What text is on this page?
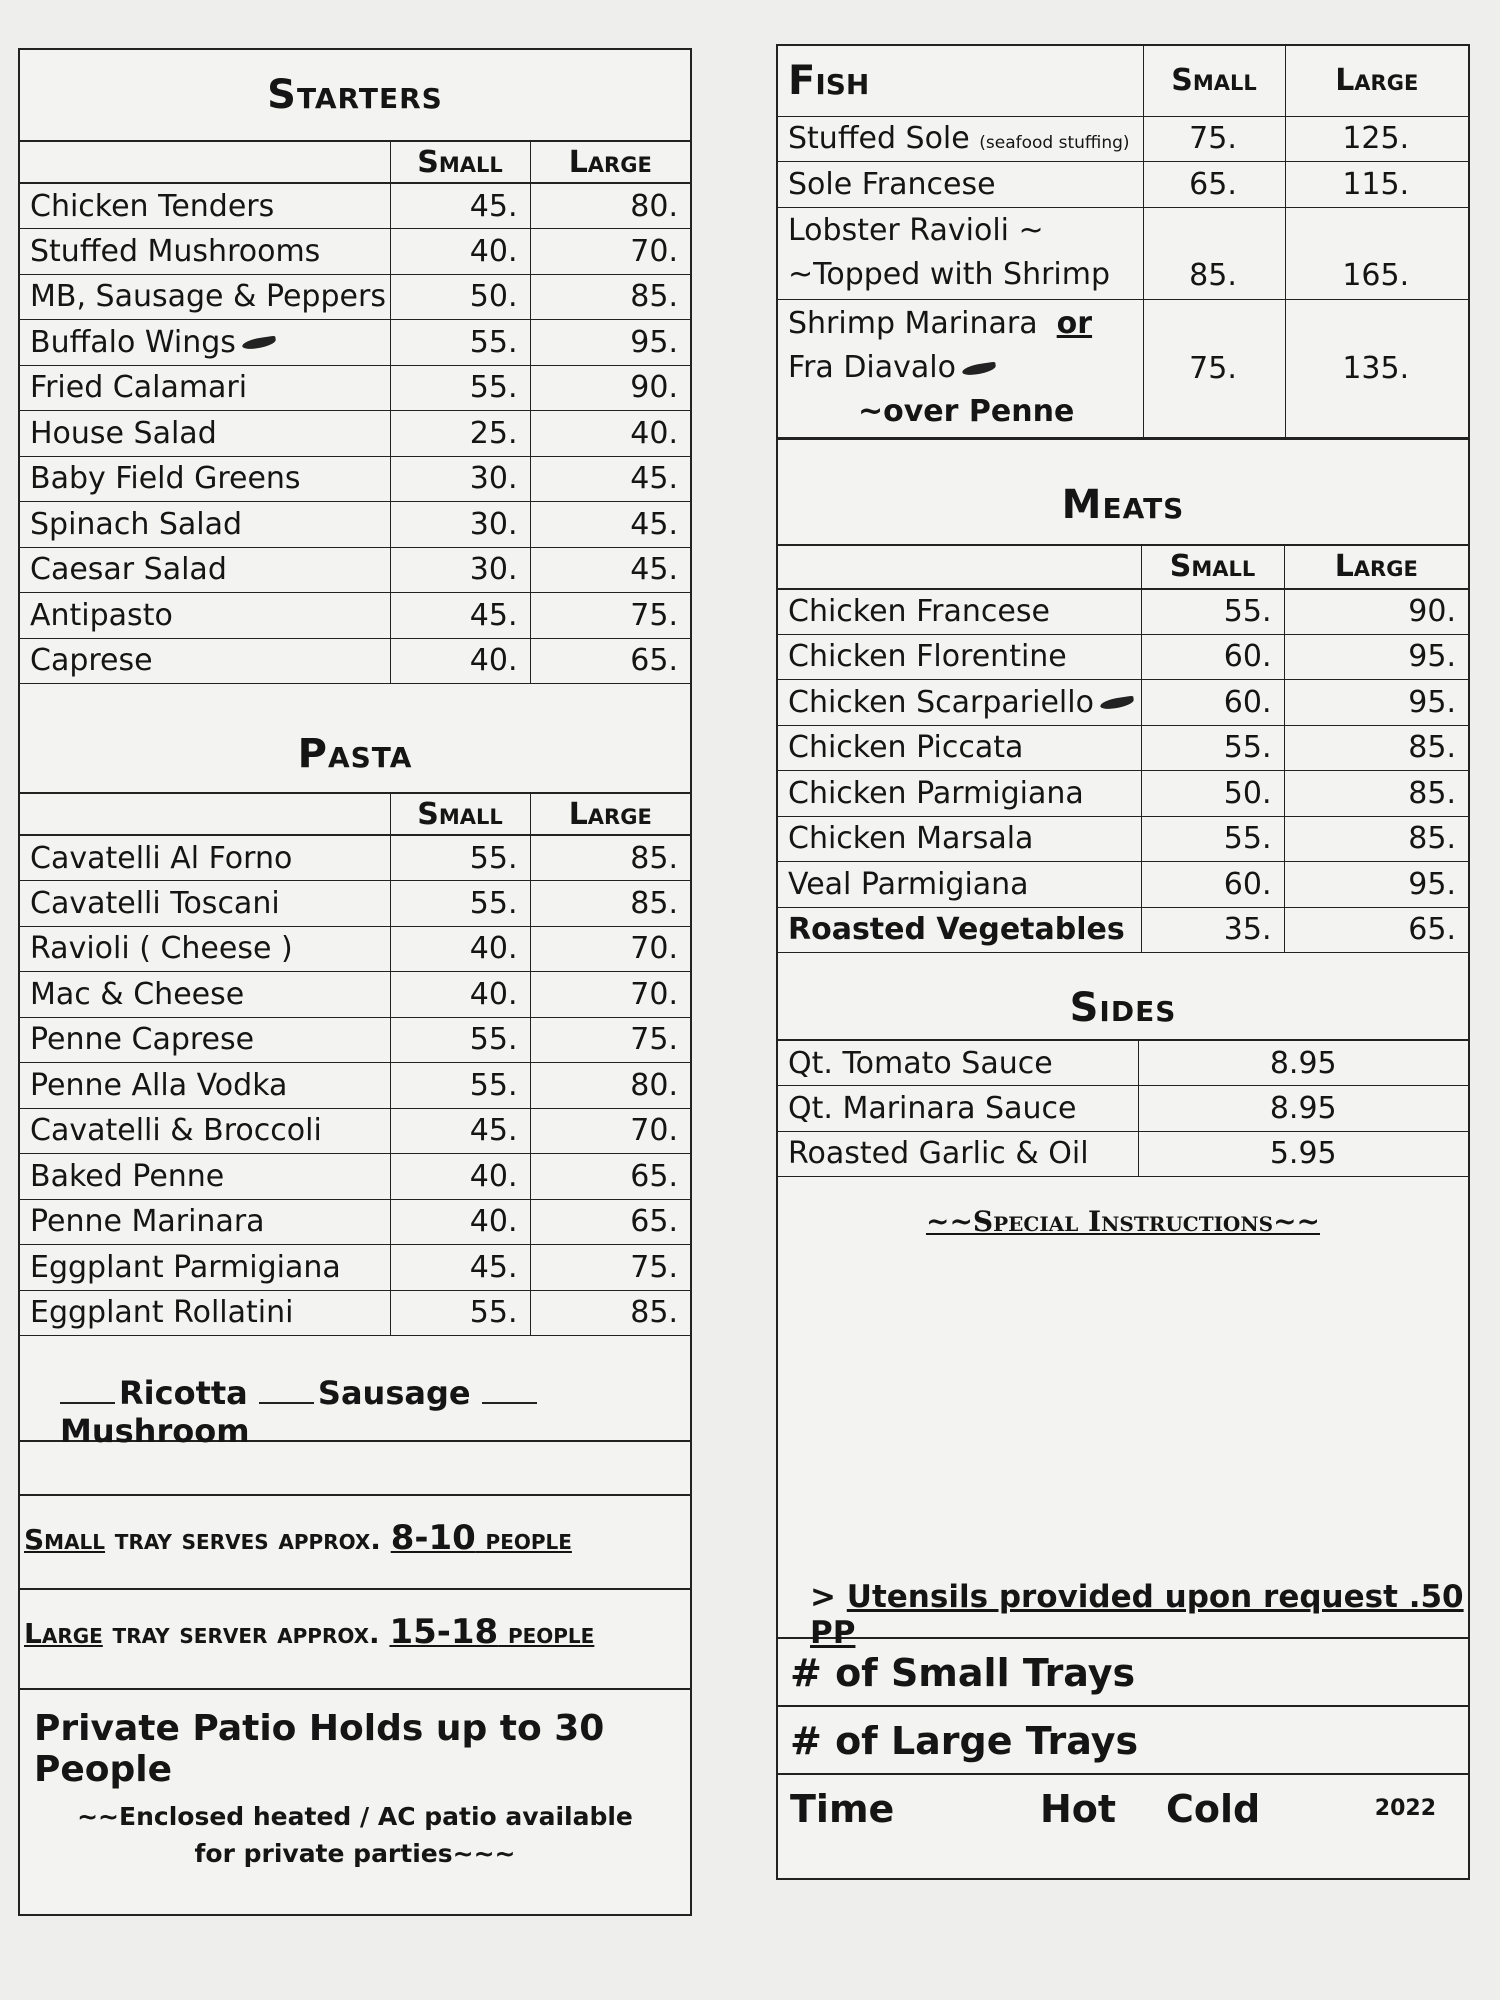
Starters
	Small	Large
Chicken Tenders	45.	80.
Stuffed Mushrooms	40.	70.
MB, Sausage & Peppers	50.	85.
Buffalo Wings	55.	95.
Fried Calamari	55.	90.
House Salad	25.	40.
Baby Field Greens	30.	45.
Spinach Salad	30.	45.
Caesar Salad	30.	45.
Antipasto	45.	75.
Caprese	40.	65.
Pasta
	Small	Large
Cavatelli Al Forno	55.	85.
Cavatelli Toscani	55.	85.
Ravioli ( Cheese )	40.	70.
Mac & Cheese	40.	70.
Penne Caprese	55.	75.
Penne Alla Vodka	55.	80.
Cavatelli & Broccoli	45.	70.
Baked Penne	40.	65.
Penne Marinara	40.	65.
Eggplant Parmigiana	45.	75.
Eggplant Rollatini	55.	85.
Ricotta Sausage Mushroom
Small tray serves approx. 8-10 people
Large tray server approx. 15-18 people
Private Patio Holds up to 30 People
~~Enclosed heated / AC patio available
for private parties~~~
Fish	Small	Large
Stuffed Sole (seafood stuffing)	75.	125.
Sole Francese	65.	115.

Lobster Ravioli ~
~Topped with Shrimp	85.	165.

Shrimp Marinara or
Fra Diavalo
~over Penne	75.	135.
Meats
	Small	Large
Chicken Francese	55.	90.
Chicken Florentine	60.	95.
Chicken Scarpariello	60.	95.
Chicken Piccata	55.	85.
Chicken Parmigiana	50.	85.
Chicken Marsala	55.	85.
Veal Parmigiana	60.	95.
Roasted Vegetables	35.	65.
Sides
Qt. Tomato Sauce	8.95
Qt. Marinara Sauce	8.95
Roasted Garlic & Oil	5.95
~~Special Instructions~~
> Utensils provided upon request .50 PP
# of Small Trays
# of Large Trays
Time	Hot Cold	2022
